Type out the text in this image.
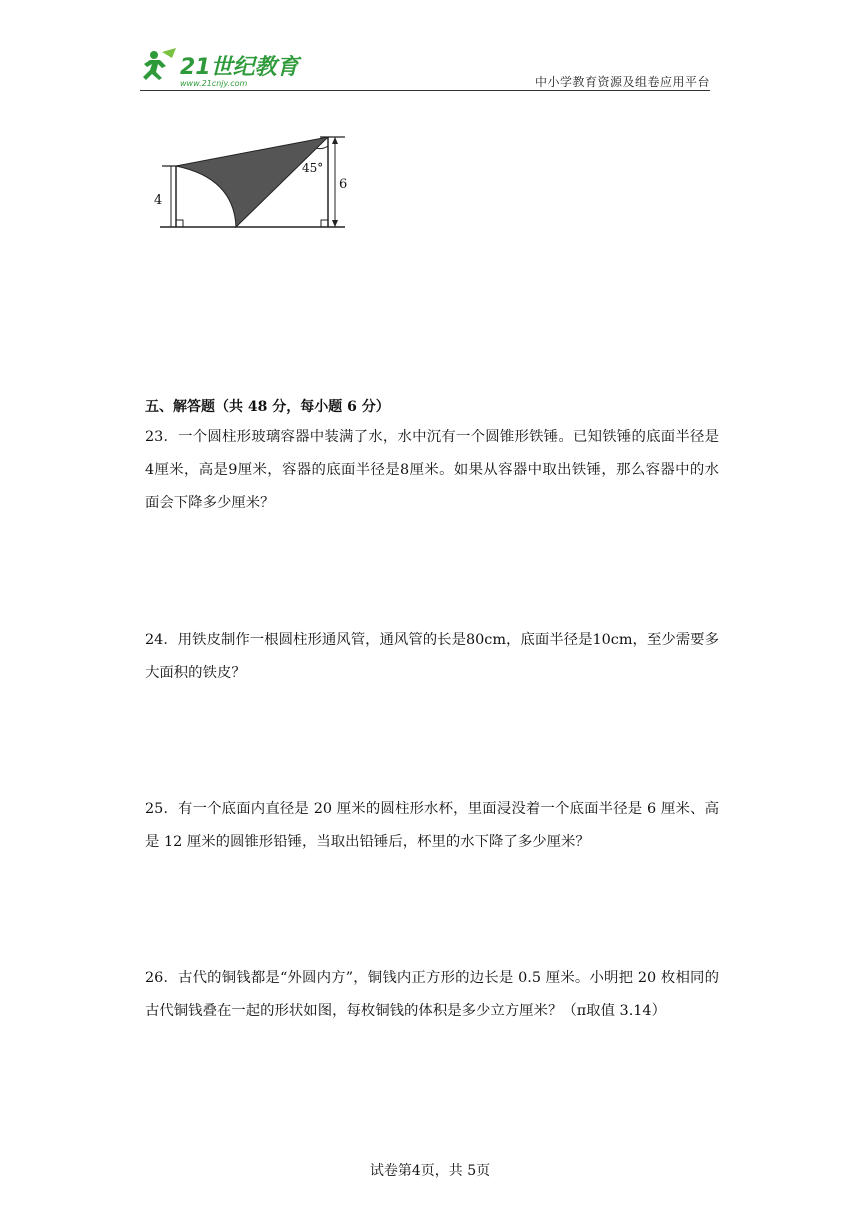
21世纪教育
www.21cnjy.com	中小学教育资源及组卷应用平台
4
6
45°
五、解答题（共 48 分，每小题 6 分）
23．一个圆柱形玻璃容器中装满了水，水中沉有一个圆锥形铁锤。已知铁锤的底面半径是4厘米，高是9厘米，容器的底面半径是8厘米。如果从容器中取出铁锤，那么容器中的水面会下降多少厘米？
24．用铁皮制作一根圆柱形通风管，通风管的长是80cm，底面半径是10cm，至少需要多大面积的铁皮？
25．有一个底面内直径是 20 厘米的圆柱形水杯，里面浸没着一个底面半径是 6 厘米、高是 12 厘米的圆锥形铅锤，当取出铅锤后，杯里的水下降了多少厘米？
26．古代的铜钱都是“外圆内方”，铜钱内正方形的边长是 0.5 厘米。小明把 20 枚相同的古代铜钱叠在一起的形状如图，每枚铜钱的体积是多少立方厘米？（π取值 3.14）
试卷第4页，共 5页
